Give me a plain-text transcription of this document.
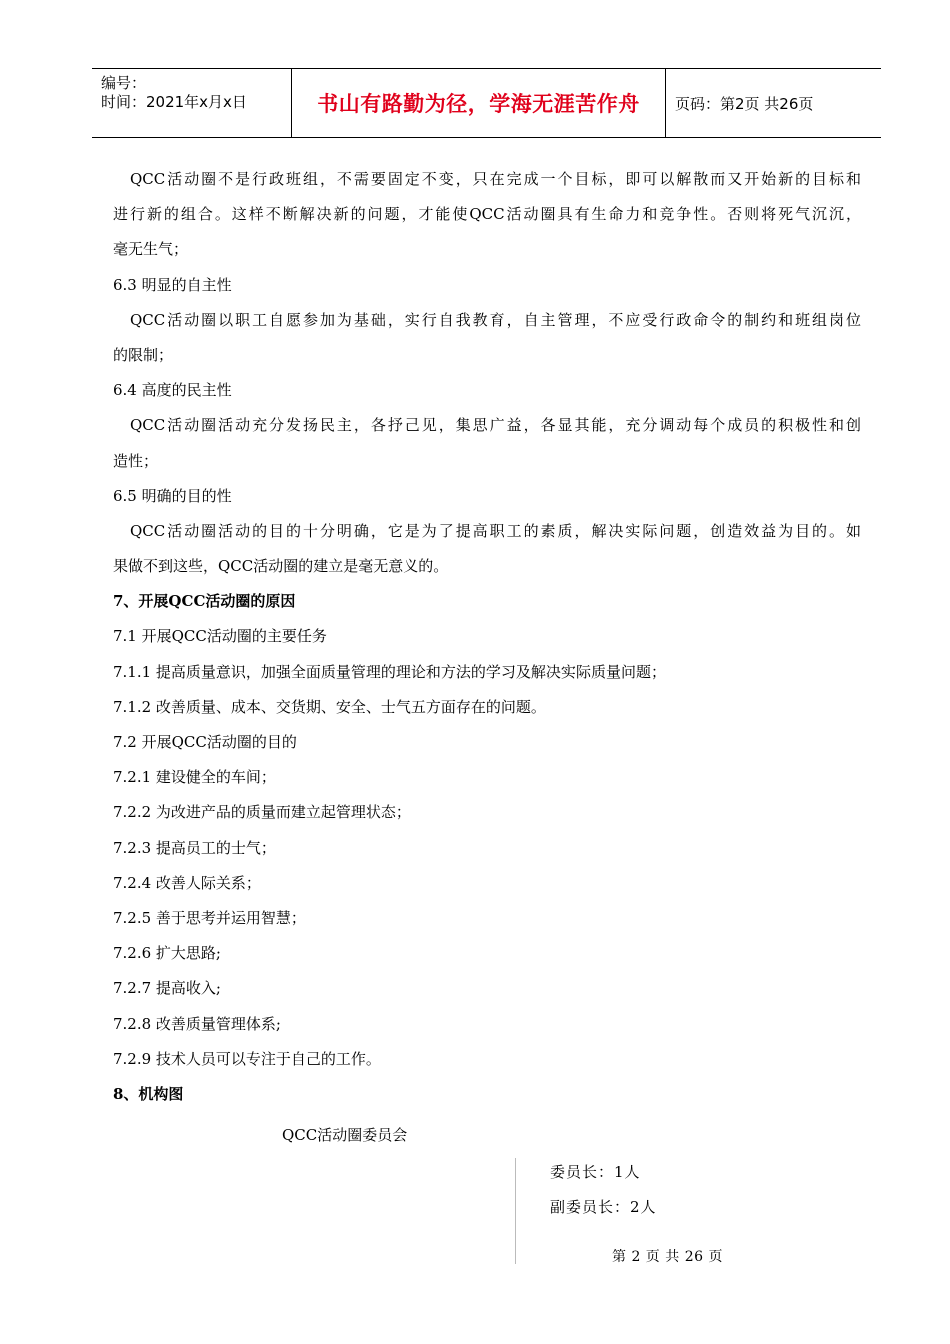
编号：
时间：2021年x月x日	书山有路勤为径，学海无涯苦作舟 页码：第2页 共26页
QCC活动圈不是行政班组，不需要固定不变，只在完成一个目标，即可以解散而又开始新的目标和
进行新的组合。这样不断解决新的问题，才能使QCC活动圈具有生命力和竞争性。否则将死气沉沉，
毫无生气；
6.3 明显的自主性
QCC活动圈以职工自愿参加为基础，实行自我教育，自主管理，不应受行政命令的制约和班组岗位
的限制；
6.4 高度的民主性
QCC活动圈活动充分发扬民主，各抒己见，集思广益，各显其能，充分调动每个成员的积极性和创
造性；
6.5 明确的目的性
QCC活动圈活动的目的十分明确，它是为了提高职工的素质，解决实际问题，创造效益为目的。如
果做不到这些，QCC活动圈的建立是毫无意义的。
7、开展QCC活动圈的原因
7.1 开展QCC活动圈的主要任务
7.1.1 提高质量意识，加强全面质量管理的理论和方法的学习及解决实际质量问题；
7.1.2 改善质量、成本、交货期、安全、士气五方面存在的问题。
7.2 开展QCC活动圈的目的
7.2.1 建设健全的车间；
7.2.2 为改进产品的质量而建立起管理状态；
7.2.3 提高员工的士气；
7.2.4 改善人际关系；
7.2.5 善于思考并运用智慧；
7.2.6 扩大思路;
7.2.7 提高收入;
7.2.8 改善质量管理体系;
7.2.9 技术人员可以专注于自己的工作。
8、机构图
QCC活动圈委员会
委员长：1人
副委员长：2人
第 2 页 共 26 页
